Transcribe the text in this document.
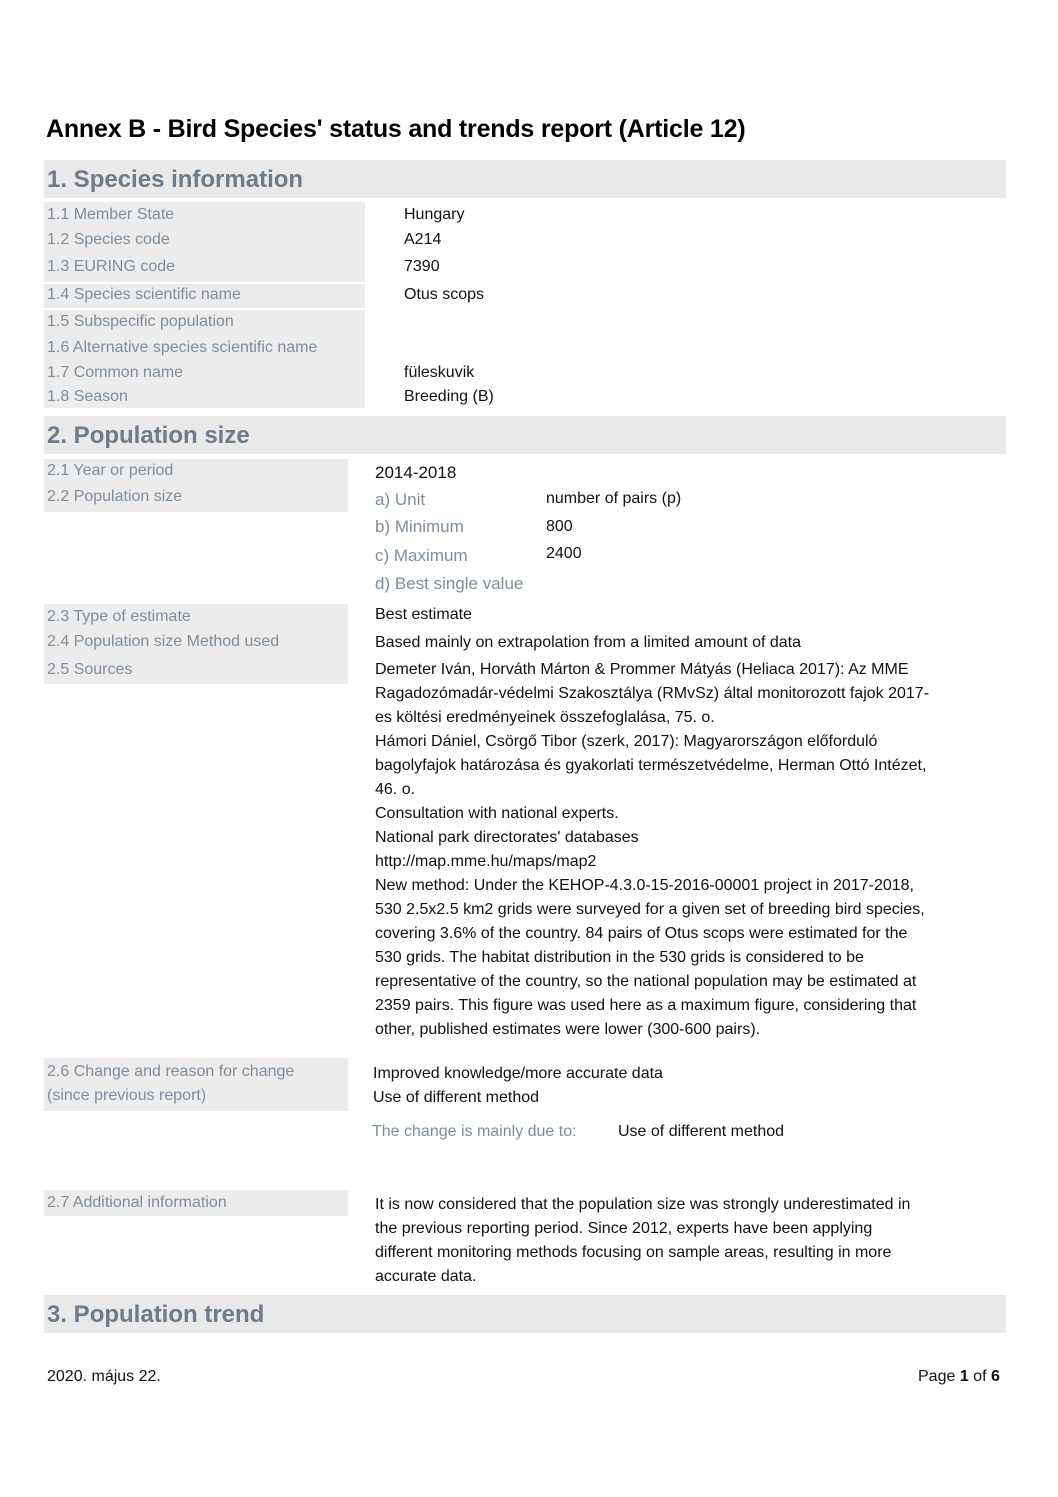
Annex B - Bird Species' status and trends report (Article 12)
1. Species information
1.1 Member State	Hungary
1.2 Species code	A214
1.3 EURING code	7390
1.4 Species scientific name	Otus scops
1.5 Subspecific population
1.6 Alternative species scientific name
1.7 Common name	füleskuvik
1.8 Season	Breeding (B)
2. Population size
2.1 Year or period	2014-2018
2.2 Population size	a) Unit	number of pairs (p)
b) Minimum	800
c) Maximum	2400
d) Best single value
2.3 Type of estimate	Best estimate
2.4 Population size Method used	Based mainly on extrapolation from a limited amount of data
2.5 Sources	Demeter Iván, Horváth Márton & Prommer Mátyás (Heliaca 2017): Az MME
Ragadozómadár-védelmi Szakosztálya (RMvSz) által monitorozott fajok 2017-
es költési eredményeinek összefoglalása, 75. o.
Hámori Dániel, Csörgő Tibor (szerk, 2017): Magyarországon előforduló
bagolyfajok határozása és gyakorlati természetvédelme, Herman Ottó Intézet,
46. o.
Consultation with national experts.
National park directorates' databases
http://map.mme.hu/maps/map2
New method: Under the KEHOP-4.3.0-15-2016-00001 project in 2017-2018,
530 2.5x2.5 km2 grids were surveyed for a given set of breeding bird species,
covering 3.6% of the country. 84 pairs of Otus scops were estimated for the
530 grids. The habitat distribution in the 530 grids is considered to be
representative of the country, so the national population may be estimated at
2359 pairs. This figure was used here as a maximum figure, considering that
other, published estimates were lower (300-600 pairs).
2.6 Change and reason for change
(since previous report)
Improved knowledge/more accurate data
Use of different method
The change is mainly due to:	Use of different method
2.7 Additional information	It is now considered that the population size was strongly underestimated in
the previous reporting period. Since 2012, experts have been applying
different monitoring methods focusing on sample areas, resulting in more
accurate data.
3. Population trend
2020. május 22.	Page 1 of 6
